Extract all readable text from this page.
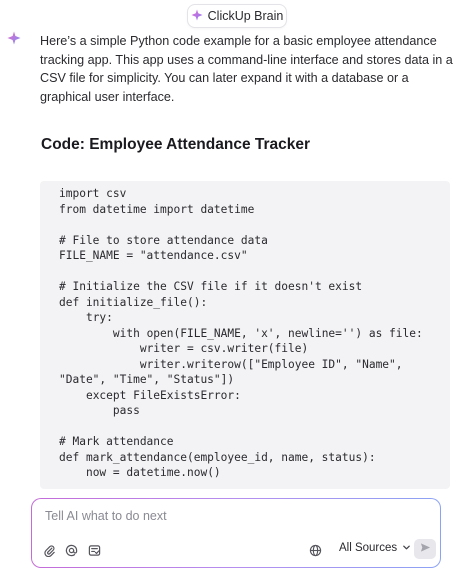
ClickUp Brain

Here’s a simple Python code example for a basic employee attendance tracking app. This app uses a command-line interface and stores data in a CSV file for simplicity. You can later expand it with a database or a graphical user interface.

Code: Employee Attendance Tracker
import csv
from datetime import datetime

# File to store attendance data
FILE_NAME = "attendance.csv"

# Initialize the CSV file if it doesn't exist
def initialize_file():
try:
with open(FILE_NAME, 'x', newline='') as file:
writer = csv.writer(file)
writer.writerow(["Employee ID", "Name", "Date", "Time", "Status"])
except FileExistsError:
pass

# Mark attendance
def mark_attendance(employee_id, name, status):
now = datetime.now()
Tell AI what to do next
All Sources
